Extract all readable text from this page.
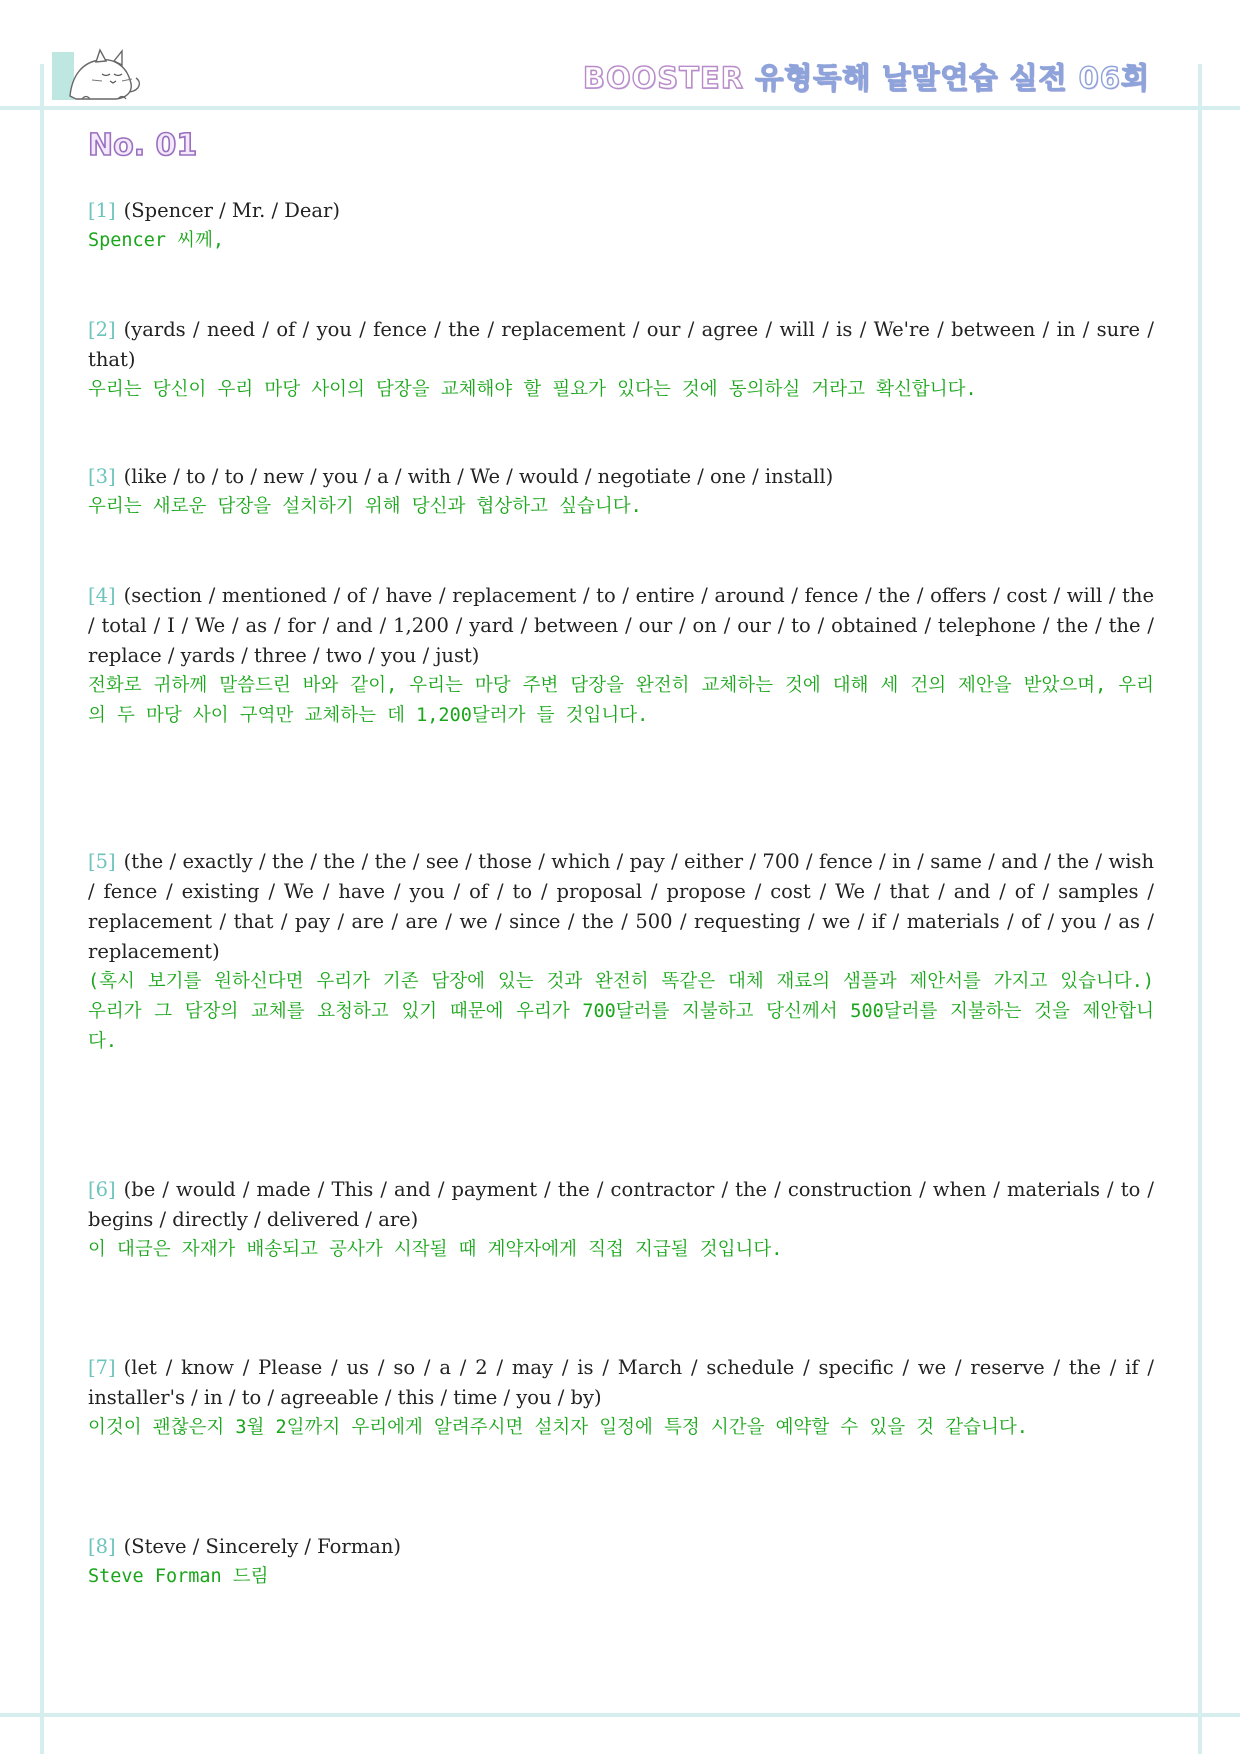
BOOSTER 유형독해 낱말연습 실전 06회
No. 01
[1] (Spencer / Mr. / Dear)
Spencer 씨께,
[2] (yards / need / of / you / fence / the / replacement / our / agree / will / is / We're / between / in / sure / that)
우리는 당신이 우리 마당 사이의 담장을 교체해야 할 필요가 있다는 것에 동의하실 거라고 확신합니다.
[3] (like / to / to / new / you / a / with / We / would / negotiate / one / install)
우리는 새로운 담장을 설치하기 위해 당신과 협상하고 싶습니다.
[4] (section / mentioned / of / have / replacement / to / entire / around / fence / the / offers / cost / will / the / total / I / We / as / for / and / 1,200 / yard / between / our / on / our / to / obtained / telephone / the / the / replace / yards / three / two / you / just)
전화로 귀하께 말씀드린 바와 같이, 우리는 마당 주변 담장을 완전히 교체하는 것에 대해 세 건의 제안을 받았으며, 우리의 두 마당 사이 구역만 교체하는 데 1,200달러가 들 것입니다.
[5] (the / exactly / the / the / the / see / those / which / pay / either / 700 / fence / in / same / and / the / wish / fence / existing / We / have / you / of / to / proposal / propose / cost / We / that / and / of / samples / replacement / that / pay / are / are / we / since / the / 500 / requesting / we / if / materials / of / you / as / replacement)
(혹시 보기를 원하신다면 우리가 기존 담장에 있는 것과 완전히 똑같은 대체 재료의 샘플과 제안서를 가지고 있습니다.) 우리가 그 담장의 교체를 요청하고 있기 때문에 우리가 700달러를 지불하고 당신께서 500달러를 지불하는 것을 제안합니다.
[6] (be / would / made / This / and / payment / the / contractor / the / construction / when / materials / to / begins / directly / delivered / are)
이 대금은 자재가 배송되고 공사가 시작될 때 계약자에게 직접 지급될 것입니다.
[7] (let / know / Please / us / so / a / 2 / may / is / March / schedule / specific / we / reserve / the / if / installer's / in / to / agreeable / this / time / you / by)
이것이 괜찮은지 3월 2일까지 우리에게 알려주시면 설치자 일정에 특정 시간을 예약할 수 있을 것 같습니다.
[8] (Steve / Sincerely / Forman)
Steve Forman 드림
